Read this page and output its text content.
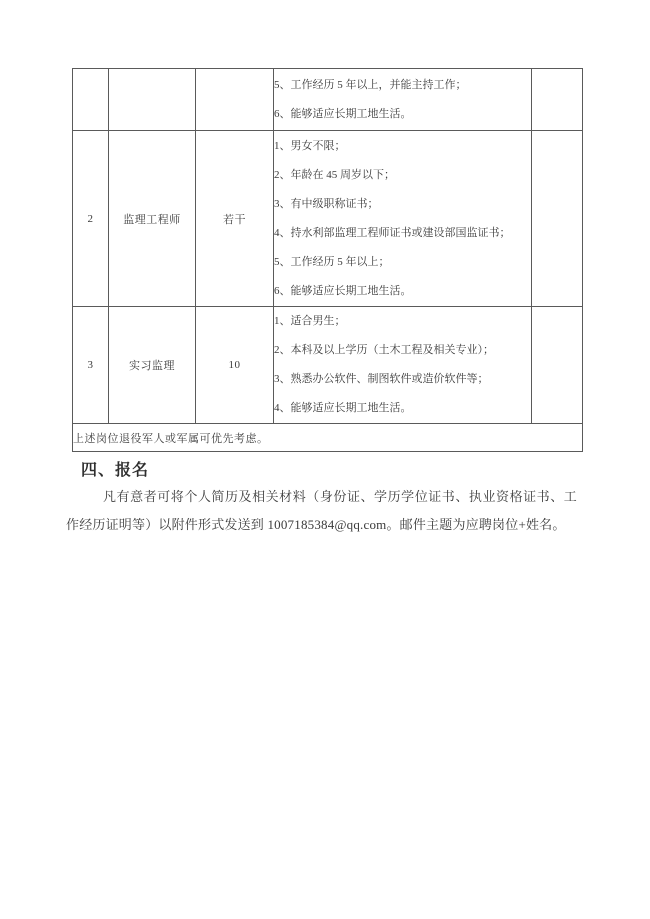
			5、工作经历 5 年以上，并能主持工作；
6、能够适应长期工地生活。	

2	监理工程师	若干	
1、男女不限；
2、年龄在 45 周岁以下；
3、有中级职称证书；
4、持水利部监理工程师证书或建设部国监证书；
5、工作经历 5 年以上；
6、能够适应长期工地生活。

3	实习监理	10	1、适合男生；
2、本科及以上学历（土木工程及相关专业）；
3、熟悉办公软件、制图软件或造价软件等；
4、能够适应长期工地生活。	

上述岗位退役军人或军属可优先考虑。				
四、报名

凡有意者可将个人简历及相关材料（身份证、学历学位证书、执业资格证书、工作经历证明等）以附件形式发送到 1007185384@qq.com。邮件主题为应聘岗位+姓名。
